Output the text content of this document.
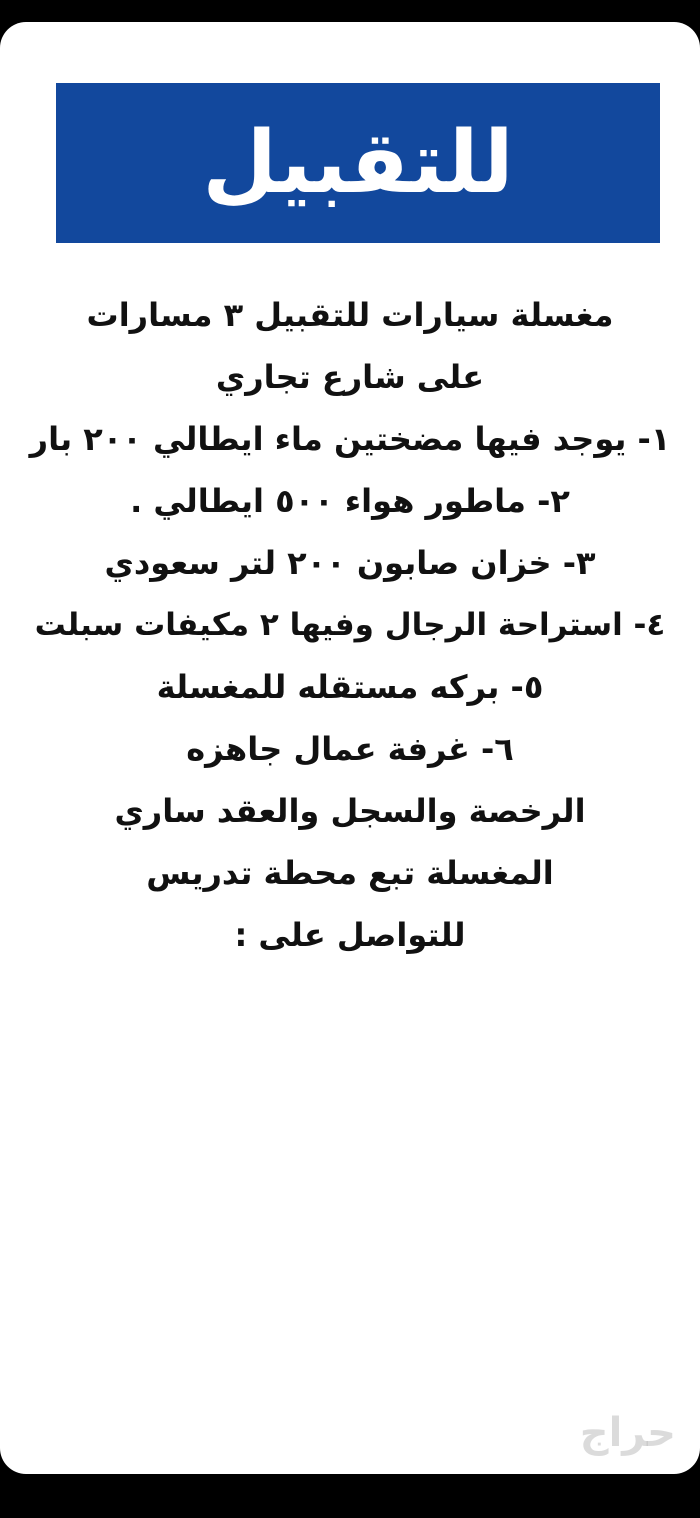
للتقبيل
مغسلة سيارات للتقبيل ٣ مسارات
على شارع تجاري
١- يوجد فيها مضختين ماء ايطالي ٢٠٠ بار
٢- ماطور هواء ٥٠٠ ايطالي .
٣- خزان صابون ٢٠٠ لتر سعودي
٤- استراحة الرجال وفيها ٢ مكيفات سبلت
٥- بركه مستقله للمغسلة
٦- غرفة عمال جاهزه
الرخصة والسجل والعقد ساري
المغسلة تبع محطة تدريس
للتواصل على :
حراج
